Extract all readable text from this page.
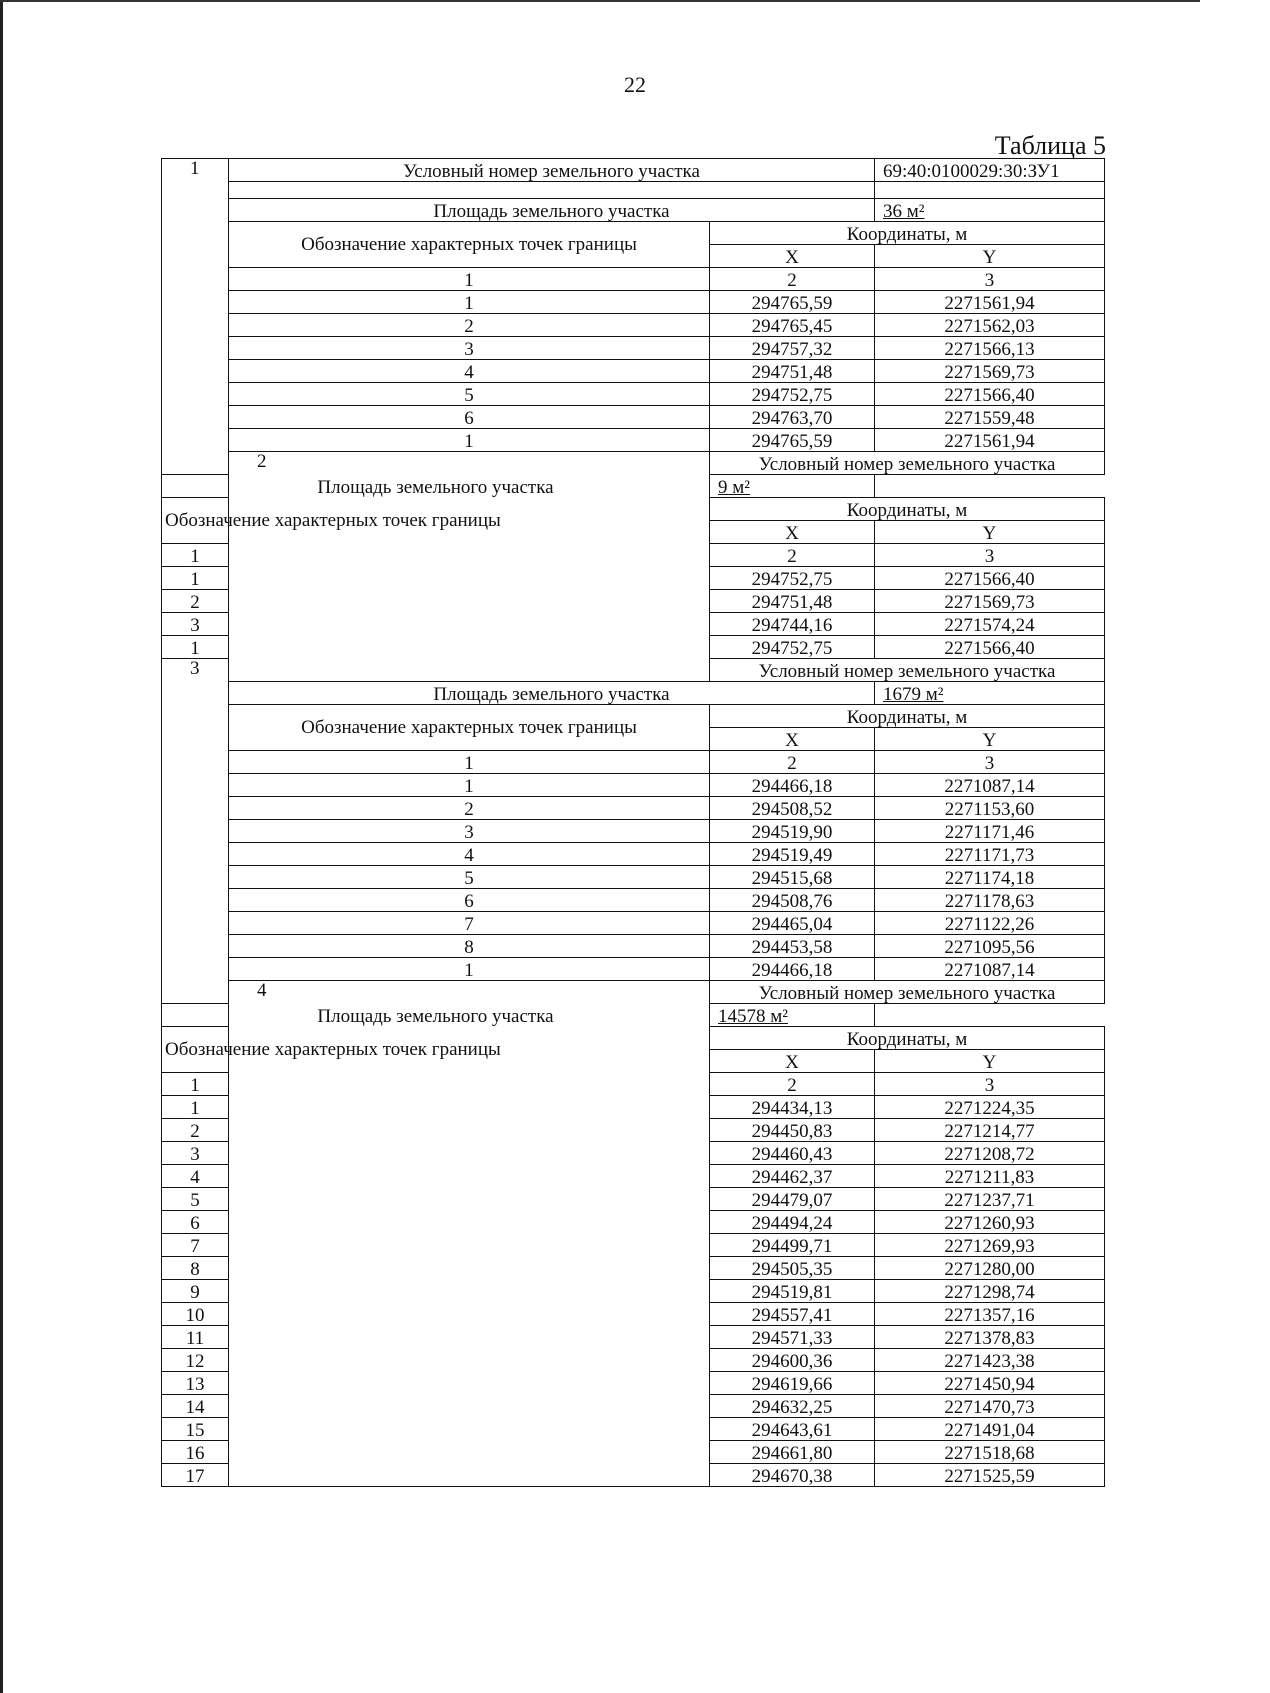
22
Таблица 5
1	Условный номер земельного участка		69:40:0100029:30:ЗУ1	

	Площадь земельного участка		36 м²	
	Обозначение характерных точек границы	Координаты, м		
		X	Y	
	1	2	3	
	1	294765,59	2271561,94	
	2	294765,45	2271562,03	
	3	294757,32	2271566,13	
	4	294751,48	2271569,73	
	5	294752,75	2271566,40	
	6	294763,70	2271559,48	
	1	294765,59	2271561,94	
	2	Условный номер земельного участка	
Площадь земельного участка		9 м²		
Обозначение характерных точек границы		Координаты, м		
		X	Y	
1		2	3	
1		294752,75	2271566,40	
2		294751,48	2271569,73	
3		294744,16	2271574,24	
1		294752,75	2271566,40	
3		Условный номер земельного участка	
	Площадь земельного участка		1679 м²	
	Обозначение характерных точек границы	Координаты, м		
		X	Y	
	1	2	3	
	1	294466,18	2271087,14	
	2	294508,52	2271153,60	
	3	294519,90	2271171,46	
	4	294519,49	2271171,73	
	5	294515,68	2271174,18	
	6	294508,76	2271178,63	
	7	294465,04	2271122,26	
	8	294453,58	2271095,56	
	1	294466,18	2271087,14	
	4	Условный номер земельного участка	
Площадь земельного участка		14578 м²		
Обозначение характерных точек границы		Координаты, м		
		X	Y	
1		2	3	
1		294434,13	2271224,35	
2		294450,83	2271214,77	
3		294460,43	2271208,72	
4		294462,37	2271211,83	
5		294479,07	2271237,71	
6		294494,24	2271260,93	
7		294499,71	2271269,93	
8		294505,35	2271280,00	
9		294519,81	2271298,74	
10		294557,41	2271357,16	
11		294571,33	2271378,83	
12		294600,36	2271423,38	
13		294619,66	2271450,94	
14		294632,25	2271470,73	
15		294643,61	2271491,04	
16		294661,80	2271518,68	
17		294670,38	2271525,59	
